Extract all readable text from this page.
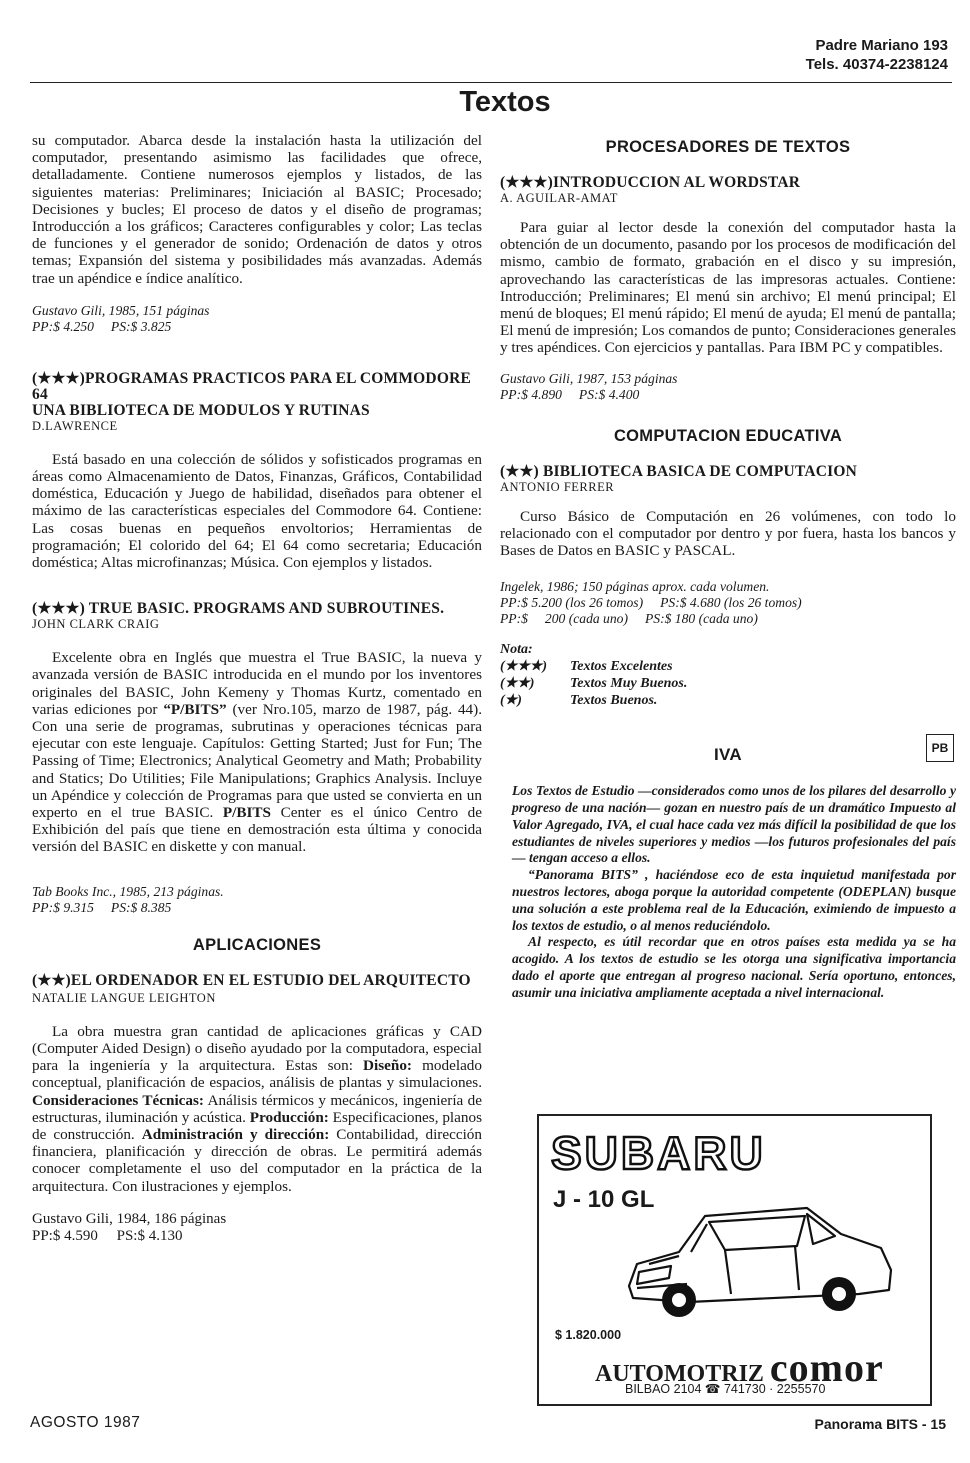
Padre Mariano 193
Tels. 40374-2238124
Textos

su computador. Abarca desde la instalación hasta la utilización del computador, presentando asimismo las facilidades que ofrece, detalladamente. Contiene numerosos ejemplos y listados, de las siguientes materias: Preliminares; Iniciación al BASIC; Procesado; Decisiones y bucles; El proceso de datos y el diseño de programas; Introducción a los gráficos; Caracteres configurables y color; Las teclas de funciones y el generador de sonido; Ordenación de datos y otros temas; Expansión del sistema y posibilidades más avanzadas. Además trae un apéndice e índice analítico.

Gustavo Gili, 1985, 151 páginas
PP:$ 4.250     PS:$ 3.825

(★★★)PROGRAMAS PRACTICOS PARA EL COMMODORE 64

UNA BIBLIOTECA DE MODULOS Y RUTINAS

D.LAWRENCE

Está basado en una colección de sólidos y sofisticados programas en áreas como Almacenamiento de Datos, Finanzas, Gráficos, Contabilidad doméstica, Educación y Juego de habilidad, diseñados para obtener el máximo de las características especiales del Commodore 64. Contiene: Las cosas buenas en pequeños envoltorios; Herramientas de programación; El colorido del 64; El 64 como secretaria; Educación doméstica; Altas microfinanzas; Música. Con ejemplos y listados.

(★★★) TRUE BASIC. PROGRAMS AND SUBROUTINES.

JOHN CLARK CRAIG

Excelente obra en Inglés que muestra el True BASIC, la nueva y avanzada versión de BASIC introducida en el mundo por los inventores originales del BASIC, John Kemeny y Thomas Kurtz, comentado en varias ediciones por “P/BITS” (ver Nro.105, marzo de 1987, pág. 44). Con una serie de programas, subrutinas y operaciones técnicas para ejecutar con este lenguaje. Capítulos: Getting Started; Just for Fun; The Passing of Time; Electronics; Analytical Geometry and Math; Probability and Statics; Do Utilities; File Manipulations; Graphics Analysis. Incluye un Apéndice y colección de Programas para que usted se convierta en un experto en el true BASIC. P/BITS Center es el único Centro de Exhibición del país que tiene en demostración esta última y conocida versión del BASIC en diskette y con manual.

Tab Books Inc., 1985, 213 páginas.
PP:$ 9.315     PS:$ 8.385

APLICACIONES

(★★)EL ORDENADOR EN EL ESTUDIO DEL ARQUITECTO

NATALIE LANGUE LEIGHTON

La obra muestra gran cantidad de aplicaciones gráficas y CAD (Computer Aided Design) o diseño ayudado por la computadora, especial para la ingeniería y la arquitectura. Estas son: Diseño: modelado conceptual, planificación de espacios, análisis de plantas y simulaciones. Consideraciones Técnicas: Análisis térmicos y mecánicos, ingeniería de estructuras, iluminación y acústica. Producción: Especificaciones, planos de construcción. Administración y dirección: Contabilidad, dirección financiera, planificación y dirección de obras. Le permitirá además conocer completamente el uso del computador en la práctica de la arquitectura. Con ilustraciones y ejemplos.

Gustavo Gili, 1984, 186 páginas
PP:$ 4.590     PS:$ 4.130

PROCESADORES DE TEXTOS

(★★★)INTRODUCCION AL WORDSTAR

A. AGUILAR-AMAT

Para guiar al lector desde la conexión del computador hasta la obtención de un documento, pasando por los procesos de modificación del mismo, cambio de formato, grabación en el disco y su impresión, aprovechando las características de las impresoras actuales. Contiene: Introducción; Preliminares; El menú sin archivo; El menú principal; El menú de bloques; El menú rápido; El menú de ayuda; El menú de pantalla; El menú de impresión; Los comandos de punto; Consideraciones generales y tres apéndices. Con ejercicios y pantallas. Para IBM PC y compatibles.

Gustavo Gili, 1987, 153 páginas
PP:$ 4.890     PS:$ 4.400

COMPUTACION EDUCATIVA

(★★) BIBLIOTECA BASICA DE COMPUTACION

ANTONIO FERRER

Curso Básico de Computación en 26 volúmenes, con todo lo relacionado con el computador por dentro y por fuera, hasta los bancos y Bases de Datos en BASIC y PASCAL.

Ingelek, 1986; 150 páginas aprox. cada volumen.
PP:$ 5.200 (los 26 tomos)     PS:$ 4.680 (los 26 tomos)
PP:$     200 (cada uno)     PS:$ 180 (cada uno)
Nota:
(★★★)	Textos Excelentes
(★★)	Textos Muy Buenos.
(★)	Textos Buenos.

IVA

Los Textos de Estudio —considerados como unos de los pilares del desarrollo y progreso de una nación— gozan en nuestro país de un dramático Impuesto al Valor Agregado, IVA, el cual hace cada vez más difícil la posibilidad de que los estudiantes de niveles superiores y medios —los futuros profesionales del país— tengan acceso a ellos.

“Panorama BITS” , haciéndose eco de esta inquietud manifestada por nuestros lectores, aboga porque la autoridad competente (ODEPLAN) busque una solución a este problema real de la Educación, eximiendo de impuesto a los textos de estudio, o al menos reduciéndolo.

Al respecto, es útil recordar que en otros países esta medida ya se ha acogido. A los textos de estudio se les otorga una significativa importancia dado el aporte que entregan al progreso nacional. Sería oportuno, entonces, asumir una iniciativa ampliamente aceptada a nivel internacional.

PB
SUBARU
J - 10 GL
$ 1.820.000
AUTOMOTRIZ comor
BILBAO 2104 ☎ 741730 · 2255570
AGOSTO 1987	Panorama BITS - 15
